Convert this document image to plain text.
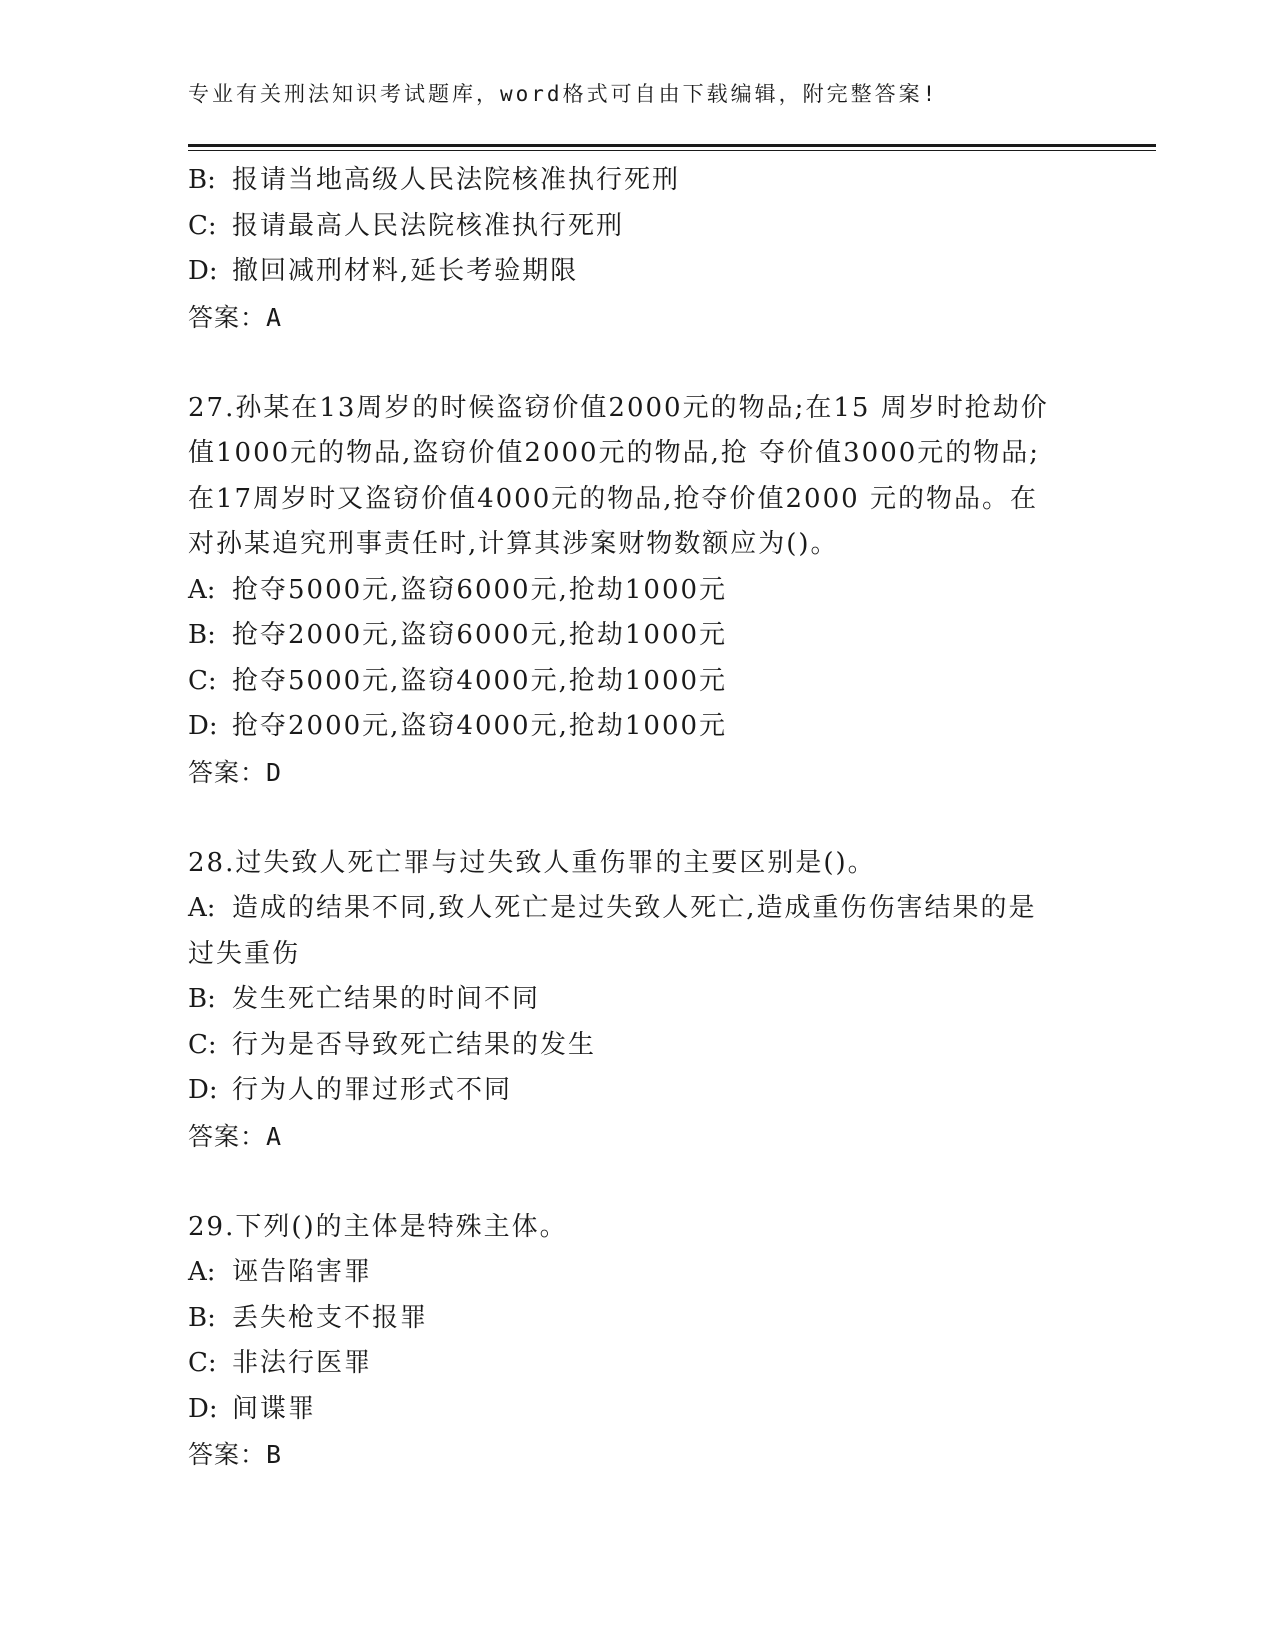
专业有关刑法知识考试题库，word格式可自由下载编辑，附完整答案!
B: 报请当地高级人民法院核准执行死刑
C: 报请最高人民法院核准执行死刑
D: 撤回减刑材料,延长考验期限
答案：A
27.孙某在13周岁的时候盗窃价值2000元的物品;在15 周岁时抢劫价
值1000元的物品,盗窃价值2000元的物品,抢 夺价值3000元的物品;
在17周岁时又盗窃价值4000元的物品,抢夺价值2000 元的物品。在
对孙某追究刑事责任时,计算其涉案财物数额应为()。
A: 抢夺5000元,盗窃6000元,抢劫1000元
B: 抢夺2000元,盗窃6000元,抢劫1000元
C: 抢夺5000元,盗窃4000元,抢劫1000元
D: 抢夺2000元,盗窃4000元,抢劫1000元
答案：D
28.过失致人死亡罪与过失致人重伤罪的主要区别是()。
A: 造成的结果不同,致人死亡是过失致人死亡,造成重伤伤害结果的是
过失重伤
B: 发生死亡结果的时间不同
C: 行为是否导致死亡结果的发生
D: 行为人的罪过形式不同
答案：A
29.下列()的主体是特殊主体。
A: 诬告陷害罪
B: 丢失枪支不报罪
C: 非法行医罪
D: 间谍罪
答案：B
